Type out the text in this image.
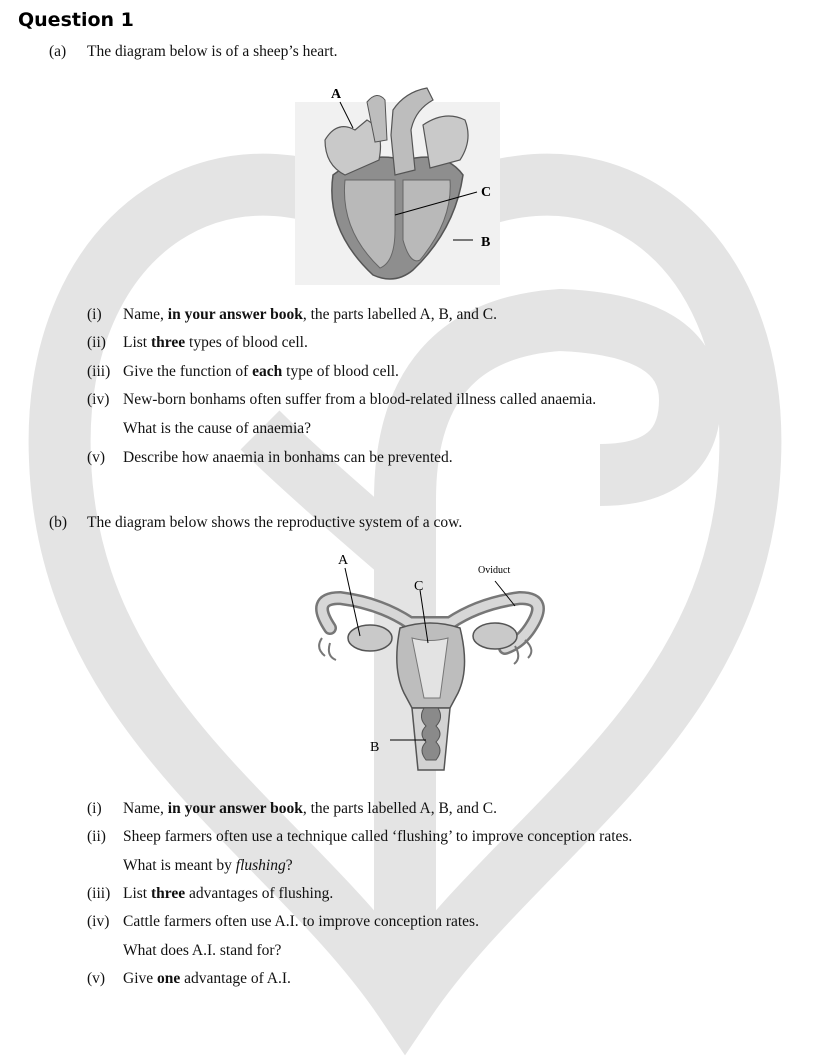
Question 1
(a) The diagram below is of a sheep’s heart.
A
C
B
(i) Name, in your answer book, the parts labelled A, B, and C.
(ii) List three types of blood cell.
(iii) Give the function of each type of blood cell.
(iv) New-born bonhams often suffer from a blood-related illness called anaemia.
What is the cause of anaemia?
(v) Describe how anaemia in bonhams can be prevented.
(b) The diagram below shows the reproductive system of a cow.
A
C
Oviduct
B
(i) Name, in your answer book, the parts labelled A, B, and C.
(ii) Sheep farmers often use a technique called ‘flushing’ to improve conception rates.
What is meant by flushing?
(iii) List three advantages of flushing.
(iv) Cattle farmers often use A.I. to improve conception rates.
What does A.I. stand for?
(v) Give one advantage of A.I.
